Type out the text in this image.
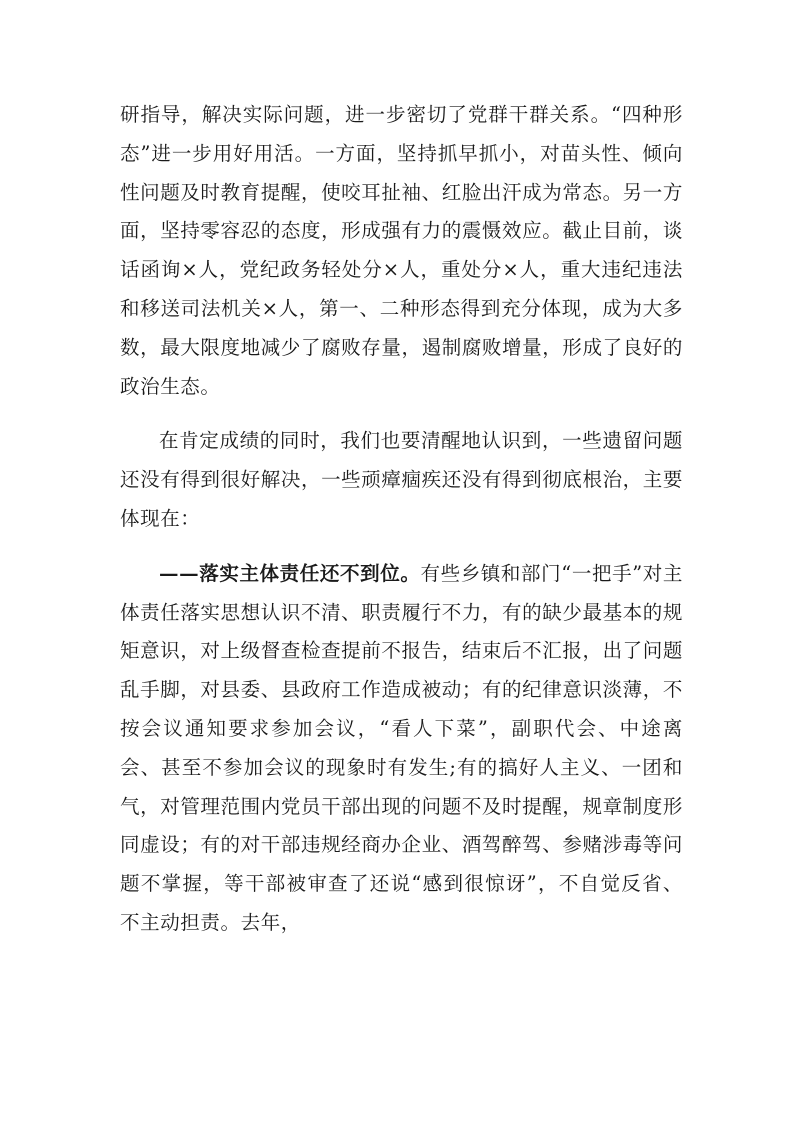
研指导，解决实际问题，进一步密切了党群干群关系。“四种形态”进一步用好用活。一方面，坚持抓早抓小，对苗头性、倾向性问题及时教育提醒，使咬耳扯袖、红脸出汗成为常态。另一方面，坚持零容忍的态度，形成强有力的震慑效应。截止目前，谈话函询×人，党纪政务轻处分×人，重处分×人，重大违纪违法和移送司法机关×人，第一、二种形态得到充分体现，成为大多数，最大限度地减少了腐败存量，遏制腐败增量，形成了良好的政治生态。

在肯定成绩的同时，我们也要清醒地认识到，一些遗留问题还没有得到很好解决，一些顽瘴痼疾还没有得到彻底根治，主要体现在：

——落实主体责任还不到位。有些乡镇和部门“一把手”对主体责任落实思想认识不清、职责履行不力，有的缺少最基本的规矩意识，对上级督查检查提前不报告，结束后不汇报，出了问题乱手脚，对县委、县政府工作造成被动；有的纪律意识淡薄，不按会议通知要求参加会议，“看人下菜”，副职代会、中途离会、甚至不参加会议的现象时有发生;有的搞好人主义、一团和气，对管理范围内党员干部出现的问题不及时提醒，规章制度形同虚设；有的对干部违规经商办企业、酒驾醉驾、参赌涉毒等问题不掌握，等干部被审查了还说“感到很惊讶”，不自觉反省、不主动担责。去年，
